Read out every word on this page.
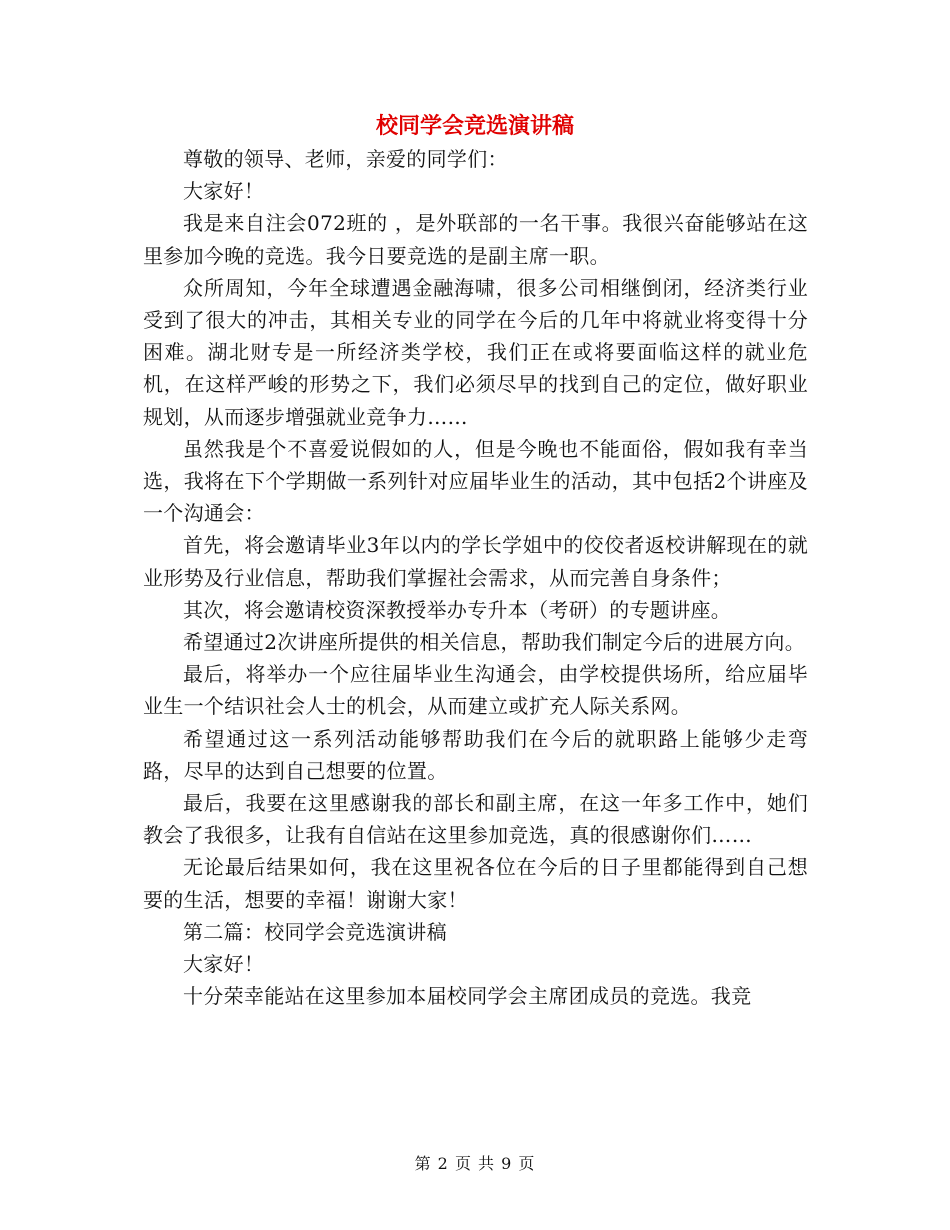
校同学会竞选演讲稿

尊敬的领导、老师，亲爱的同学们：

大家好！

我是来自注会072班的 ，是外联部的一名干事。我很兴奋能够站在这里参加今晚的竞选。我今日要竞选的是副主席一职。

众所周知，今年全球遭遇金融海啸，很多公司相继倒闭，经济类行业受到了很大的冲击，其相关专业的同学在今后的几年中将就业将变得十分困难。湖北财专是一所经济类学校，我们正在或将要面临这样的就业危机，在这样严峻的形势之下，我们必须尽早的找到自己的定位，做好职业规划，从而逐步增强就业竞争力……

虽然我是个不喜爱说假如的人，但是今晚也不能面俗，假如我有幸当选，我将在下个学期做一系列针对应届毕业生的活动，其中包括2个讲座及一个沟通会：

首先，将会邀请毕业3年以内的学长学姐中的佼佼者返校讲解现在的就业形势及行业信息，帮助我们掌握社会需求，从而完善自身条件；

其次，将会邀请校资深教授举办专升本（考研）的专题讲座。

希望通过2次讲座所提供的相关信息，帮助我们制定今后的进展方向。

最后，将举办一个应往届毕业生沟通会，由学校提供场所，给应届毕业生一个结识社会人士的机会，从而建立或扩充人际关系网。

希望通过这一系列活动能够帮助我们在今后的就职路上能够少走弯路，尽早的达到自己想要的位置。

最后，我要在这里感谢我的部长和副主席，在这一年多工作中，她们教会了我很多，让我有自信站在这里参加竞选，真的很感谢你们……

无论最后结果如何，我在这里祝各位在今后的日子里都能得到自己想要的生活，想要的幸福！谢谢大家！

第二篇：校同学会竞选演讲稿

大家好！

十分荣幸能站在这里参加本届校同学会主席团成员的竞选。我竞

第 2 页 共 9 页
